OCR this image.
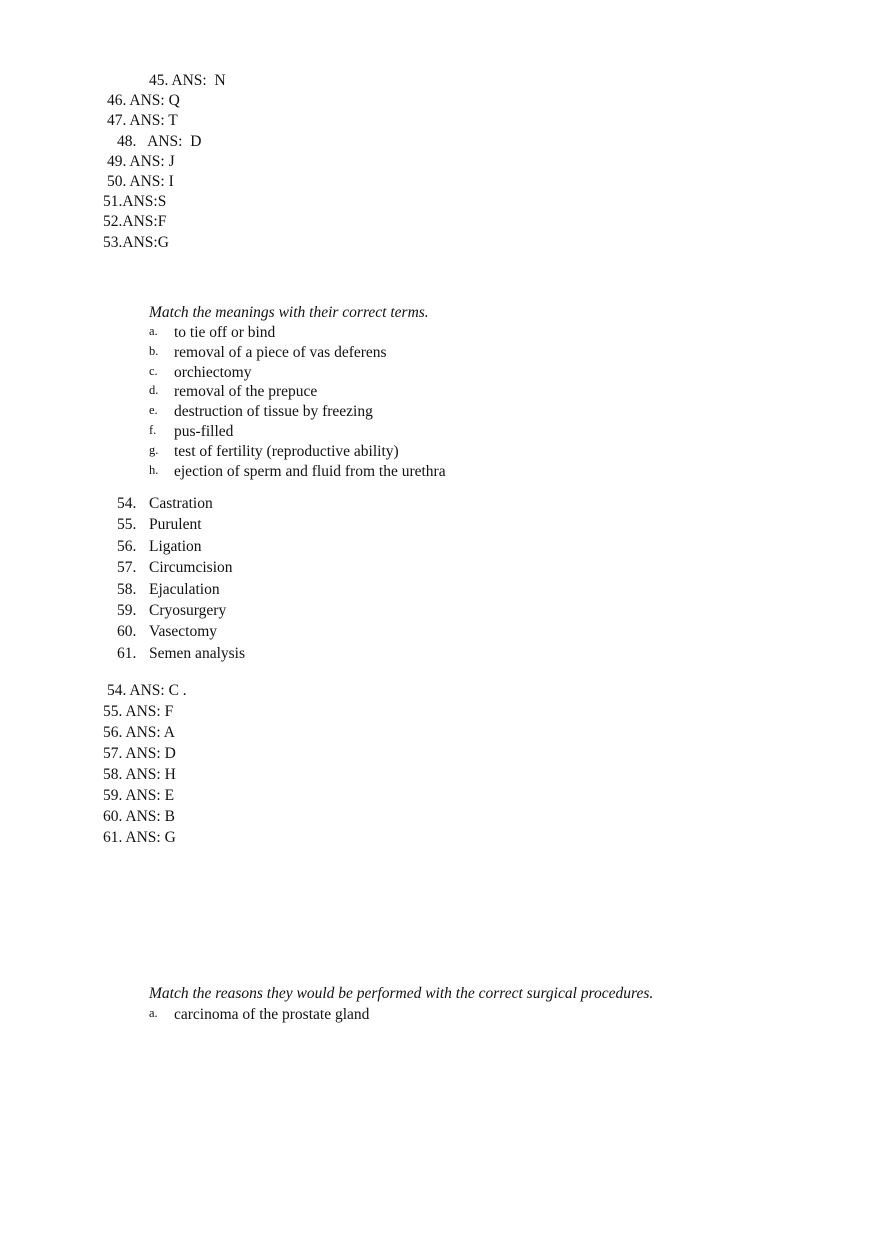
45. ANS:  N
46. ANS: Q
47. ANS: T
48.   ANS:  D
49. ANS: J
50. ANS: I
51.ANS:S
52.ANS:F
53.ANS:G
Match the meanings with their correct terms.
a. to tie off or bind
b. removal of a piece of vas deferens
c. orchiectomy
d. removal of the prepuce
e. destruction of tissue by freezing
f. pus-filled
g. test of fertility (reproductive ability)
h. ejection of sperm and fluid from the urethra
54. Castration
55. Purulent
56. Ligation
57. Circumcision
58. Ejaculation
59. Cryosurgery
60. Vasectomy
61. Semen analysis
54. ANS: C .
55. ANS: F
56. ANS: A
57. ANS: D
58. ANS: H
59. ANS: E
60. ANS: B
61. ANS: G
Match the reasons they would be performed with the correct surgical procedures.
a. carcinoma of the prostate gland
